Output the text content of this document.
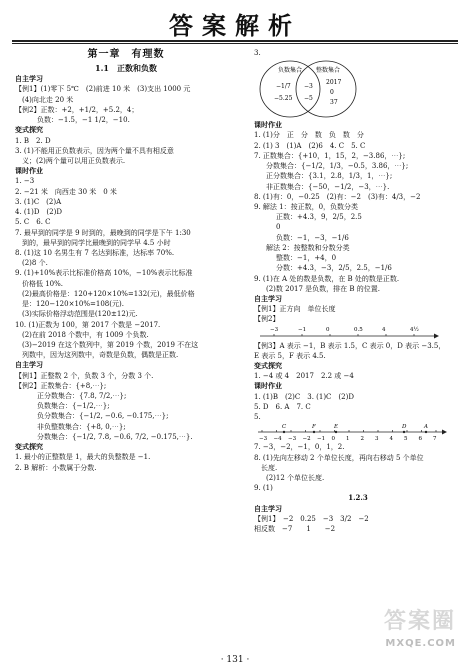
答案解析

第一章　有理数

1.1　正数和负数

自主学习

【例1】(1)零下 5℃　(2)前进 10 米　(3)支出 1000 元

　(4)向北走 20 米

【例2】正数：+2，+1/2，+5.2，4；

负数：−1.5，−1 1/2，−10.

变式探究

1. B　2. D

3. (1)不能用正负数表示，因为两个量不具有相反意

　义；(2)两个量可以用正负数表示.

课时作业

1. −3

2. −21 米　向西走 30 米　0 米

3. (1)C　(2)A

4. (1)D　(2)D

5. C　6. C

7. 最早到的同学是 9 时到的，最晚到的同学是下午 1:30

　到的，最早到的同学比最晚到的同学早 4.5 小时

8. (1)这 10 名男生有 7 名达到标准，达标率 70%.

　(2)8 个.

9. (1)+10%表示比标准价格高 10%，−10%表示比标准

　价格低 10%.

　(2)最高价格是：120+120×10%=132(元)，最低价格

　是：120−120×10%=108(元).

　(3)实际价格浮动范围是(120±12)元.

10. (1)正数为 100，第 2017 个数是 −2017.

　(2)在前 2018 个数中，有 1009 个负数.

　(3)−2019 在这个数列中，第 2019 个数，2019 不在这

　列数中，因为这列数中，奇数是负数，偶数是正数.

自主学习

【例1】正整数 2 个，负数 3 个，分数 3 个.

【例2】正数集合：{+8,⋯};

正分数集合：{7.8, 7/2,⋯};

负数集合：{−1/2,⋯};

负分数集合：{−1/2, −0.6, −0.1̇75̇,⋯};

非负整数集合：{+8, 0,⋯};

分数集合：{−1/2, 7.8, −0.6, 7/2, −0.175,⋯}.

变式探究

1. 最小的正整数是 1，最大的负整数是 −1.

2. B 解析：小数属于分数.

3.

负数集合 整数集合
−1/7
−5.25
−3
−5
2017
0
37

课时作业

1. (1)分　正　分　数　负　数　分

2. (1) 3　(1)A　(2)6　4. C　5. C

7. 正数集合：{+10，1，15，2，−3.86，⋯};

分数集合：{−1/2，1/3，−0.5，3.86，⋯};

正分数集合：{3.1，2.8，1/3，1，⋯};

非正数集合：{−50，−1/2，−3，⋯}.

8. (1)有：0，−0.25　(2)有：−2　(3)有：4/3，−2

9. 解法 1：按正数，0，负数分类

正数：+4.3，9，2/5，2.5

0

负数：−1，−3，−1/6

解法 2：按整数和分数分类

整数：−1，+4，0

分数：+4.3，−3，2/5，2.5，−1/6

9. (1)在 A 处的数是负数，在 B 处的数是正数.

(2)数 2017 是负数，排在 B 的位置.

自主学习

【例1】正方向　单位长度

【例2】
−3	−1	0	0.5	4	4½

【例3】A 表示 −1，B 表示 1.5，C 表示 0，D 表示 −3.5，

E 表示 5，F 表示 4.5.

变式探究

1. −4 或 4　2017　2.2 或 −4

课时作业

1. (1)B　(2)C　3. (1)C　(2)D

5. D　6. A　7. C

5.
−3 −4 −3 −2 −1 0 1 2 3 4 5 6 7
C	F	E	D	A

7. −3，−2，−1，0，1，2.

8. (1)先向左移动 2 个单位长度，再向右移动 5 个单位

　长度.

(2)12 个单位长度.

9. (1)

1.2.3

自主学习

【例1】　−2　0.25　−3　3/2　−2

相反数　−7　　1　　−2

· 131 ·
答案圈
MXQE.COM
